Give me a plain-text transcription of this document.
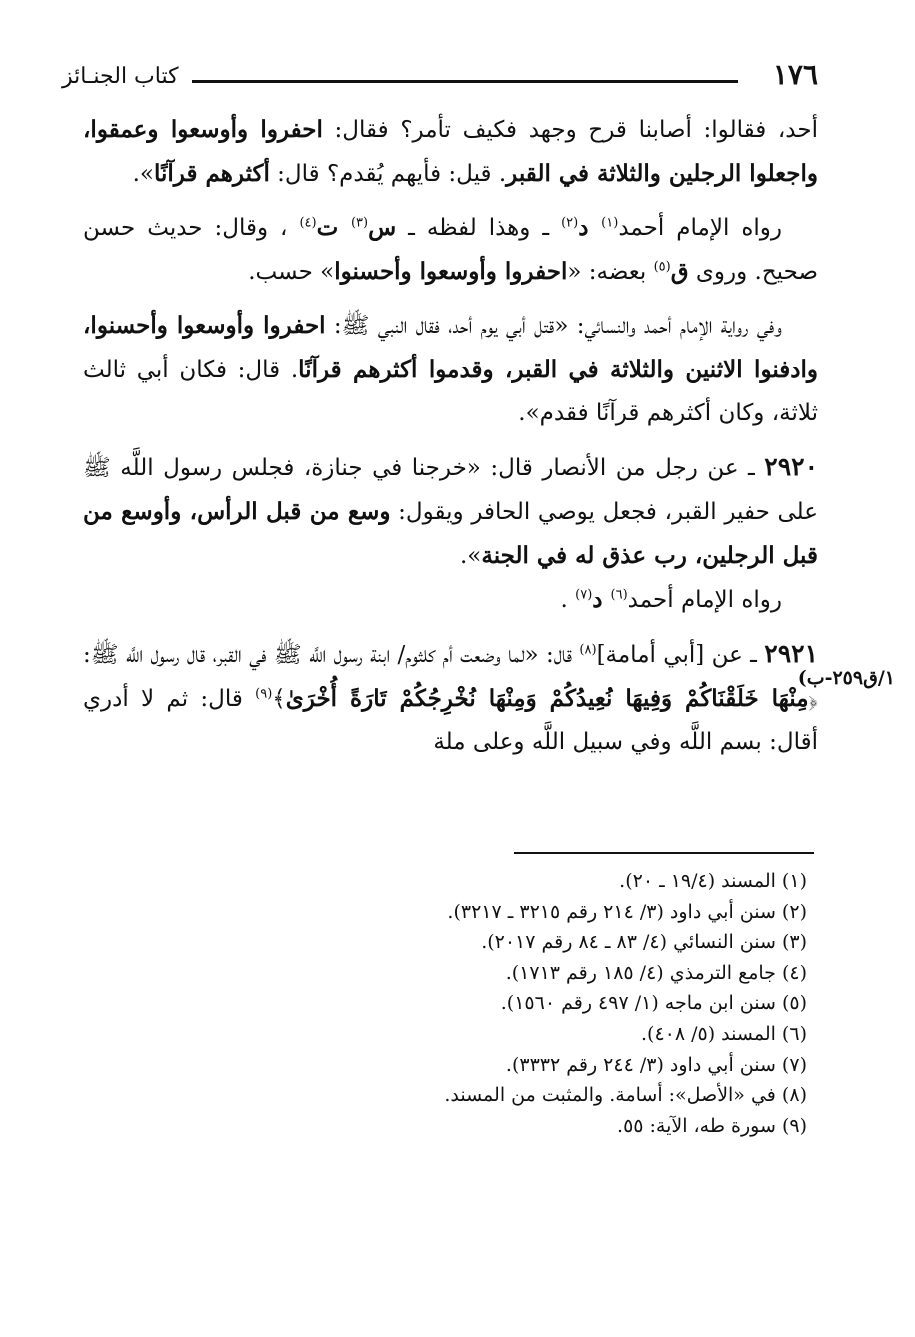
١٧٦
كتاب الجنـائز
١/ق٢٥٩-ب)

أحد، فقالوا: أصابنا قرح وجهد فكيف تأمر؟ فقال: احفروا وأوسعوا وعمقوا، واجعلوا الرجلين والثلاثة في القبر. قيل: فأيهم يُقدم؟ قال: أكثرهم قرآنًا».

رواه الإمام أحمد$^{(١)}$ د$^{(٢)}$ ـ وهذا لفظه ـ س$^{(٣)}$ ت$^{(٤)}$ ، وقال: حديث حسن صحيح. وروى ق$^{(٥)}$ بعضه: «احفروا وأوسعوا وأحسنوا» حسب.

وفي رواية الإمام أحمد والنسائي: «قتل أبي يوم أحد، فقال النبي ﷺ: احفروا وأوسعوا وأحسنوا، وادفنوا الاثنين والثلاثة في القبر، وقدموا أكثرهم قرآنًا. قال: فكان أبي ثالث ثلاثة، وكان أكثرهم قرآنًا فقدم».

٢٩٢٠ ـ عن رجل من الأنصار قال: «خرجنا في جنازة، فجلس رسول اللَّه ﷺ على حفير القبر، فجعل يوصي الحافر ويقول: وسع من قبل الرأس، وأوسع من قبل الرجلين، رب عذق له في الجنة».

رواه الإمام أحمد$^{(٦)}$ د$^{(٧)}$ .

٢٩٢١ ـ عن [أبي أمامة]$^{(٨)}$ قال: «لما وضعت أم كلثوم/ ابنة رسول اللَّه ﷺ في القبر، قال رسول اللَّه ﷺ: ﴿مِنْهَا خَلَقْنَاكُمْ وَفِيهَا نُعِيدُكُمْ وَمِنْهَا نُخْرِجُكُمْ تَارَةً أُخْرَىٰ﴾$^{(٩)}$ قال: ثم لا أدري أقال: بسم اللَّه وفي سبيل اللَّه وعلى ملة

(١) المسند (١٩/٤ ـ ٢٠).
(٢) سنن أبي داود (٣/ ٢١٤ رقم ٣٢١٥ ـ ٣٢١٧).
(٣) سنن النسائي (٤/ ٨٣ ـ ٨٤ رقم ٢٠١٧).
(٤) جامع الترمذي (٤/ ١٨٥ رقم ١٧١٣).
(٥) سنن ابن ماجه (١/ ٤٩٧ رقم ١٥٦٠).
(٦) المسند (٥/ ٤٠٨).
(٧) سنن أبي داود (٣/ ٢٤٤ رقم ٣٣٣٢).
(٨) في «الأصل»: أسامة. والمثبت من المسند.
(٩) سورة طه، الآية: ٥٥.
